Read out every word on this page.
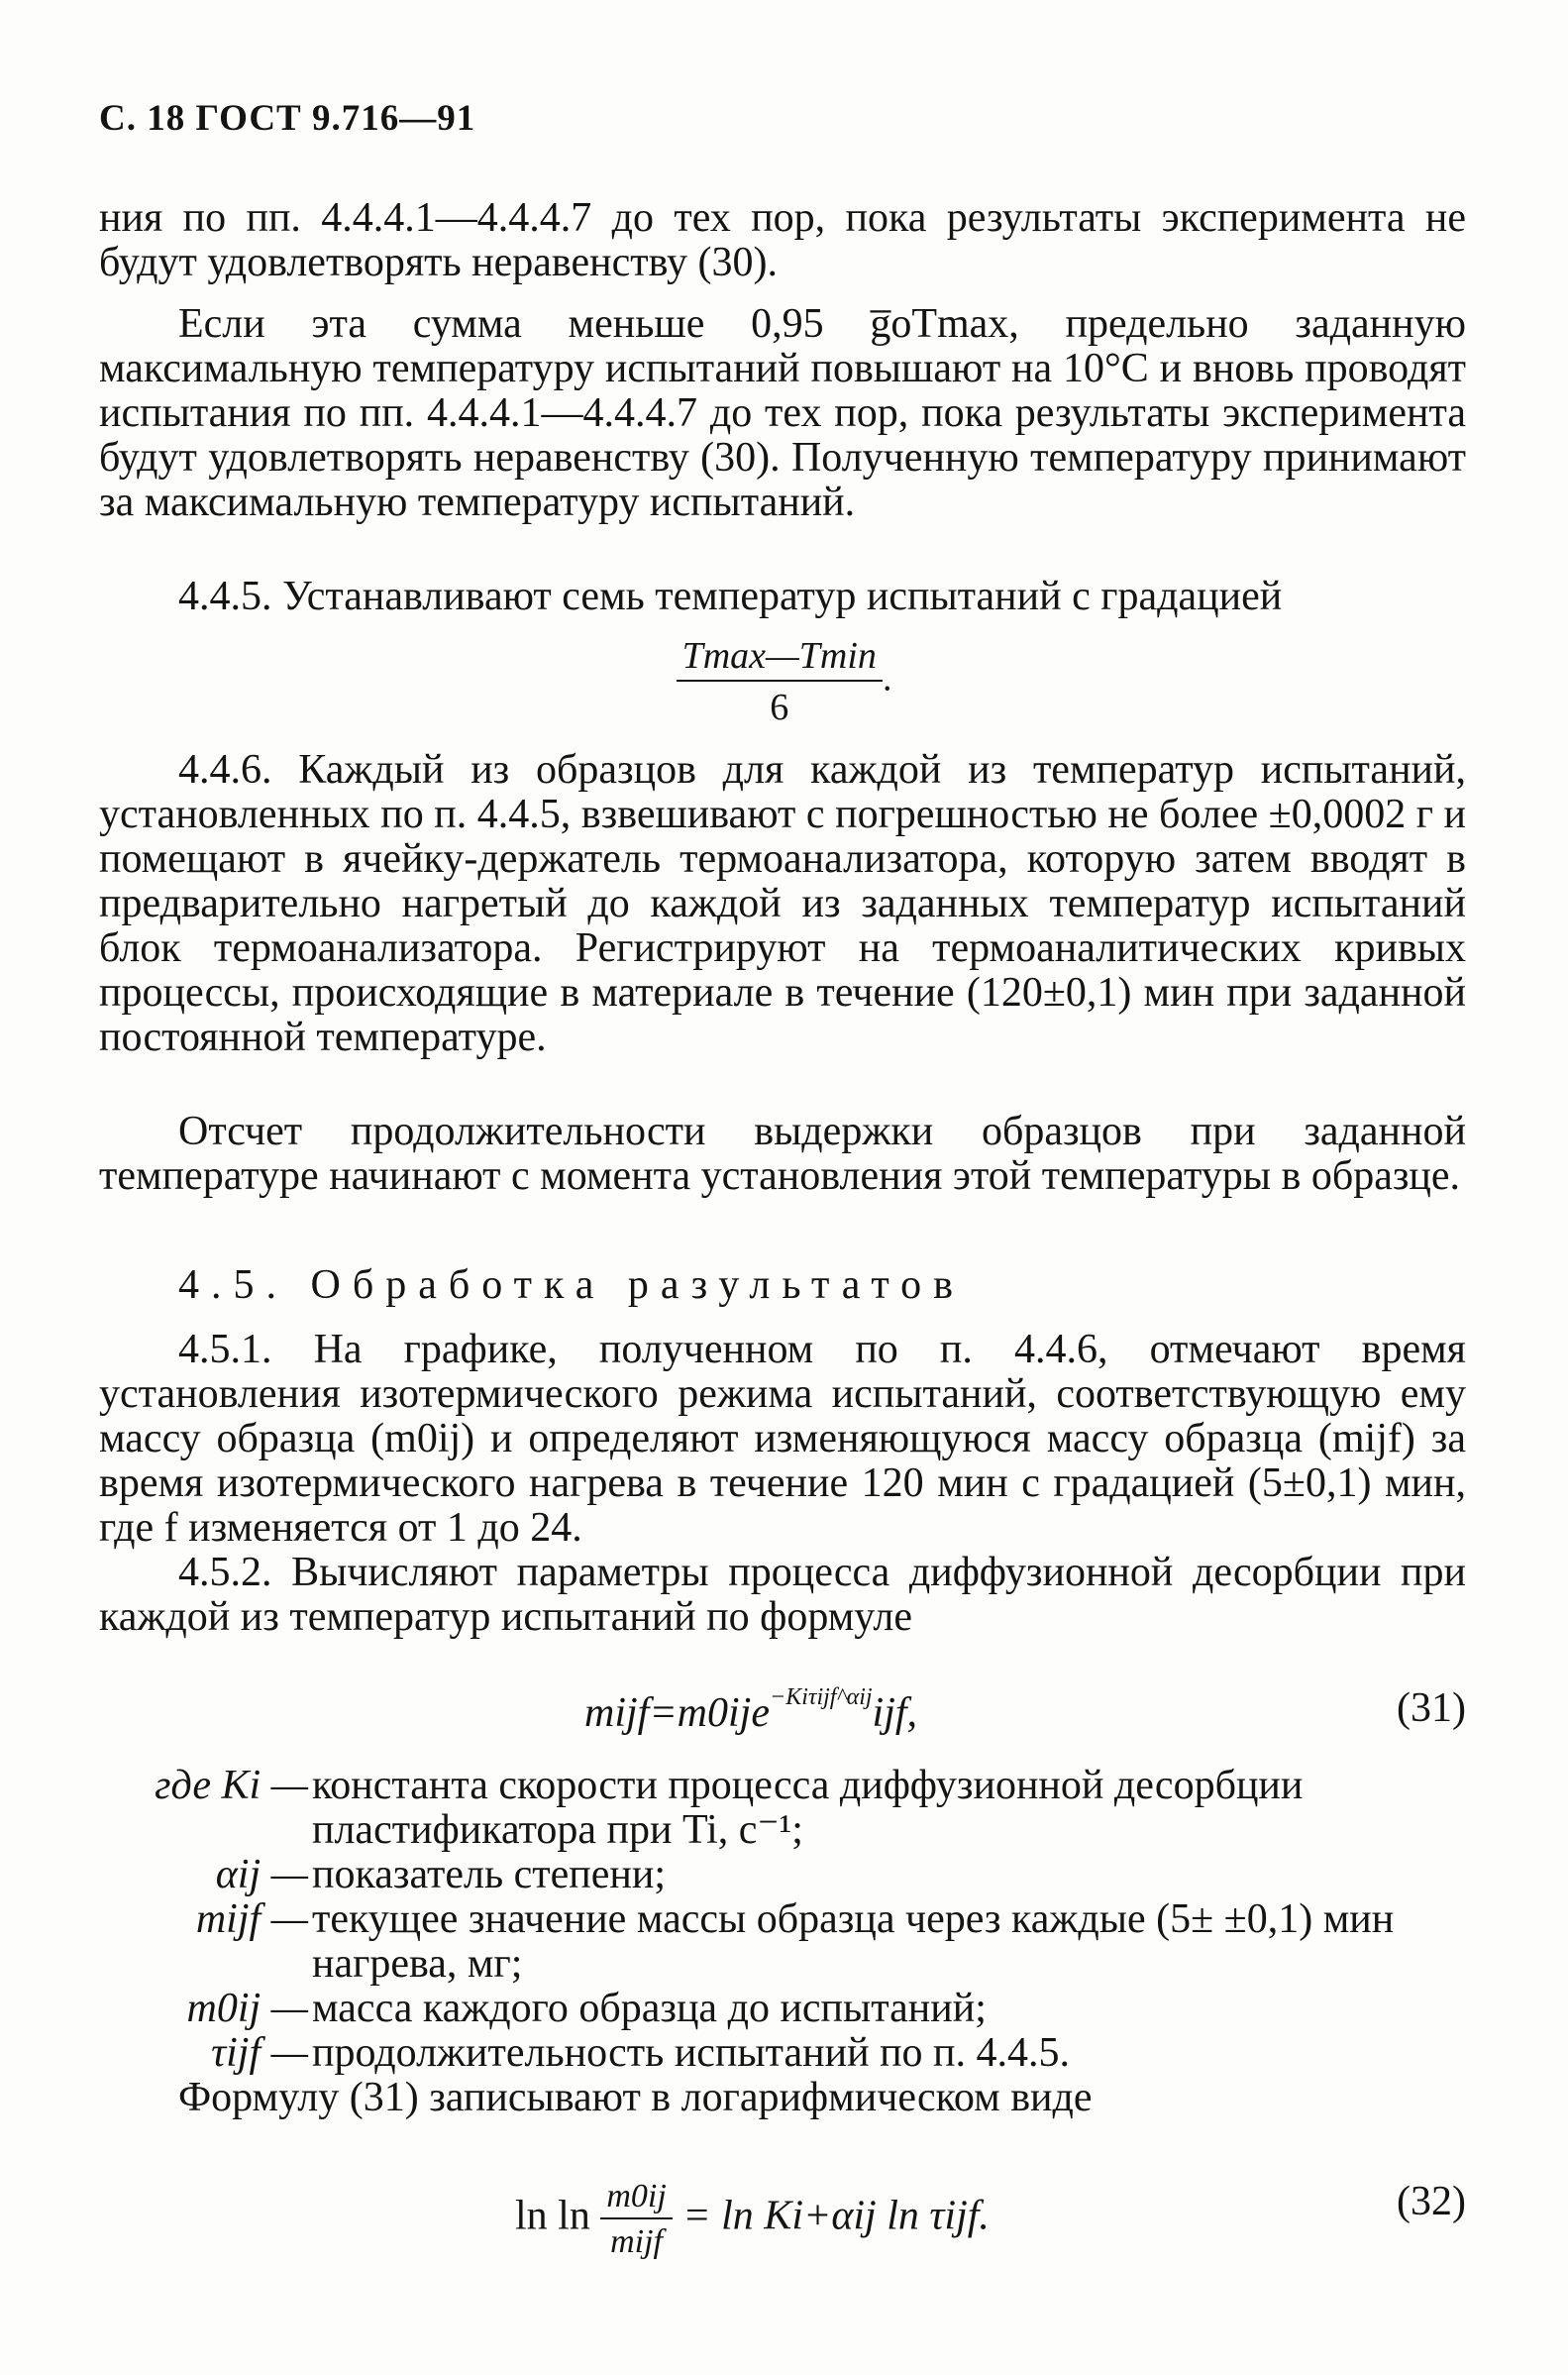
С. 18 ГОСТ 9.716—91
ния по пп. 4.4.4.1—4.4.4.7 до тех пор, пока результаты эксперимента не будут удовлетворять неравенству (30).
Если эта сумма меньше 0,95 g̅oTmax, предельно заданную максимальную температуру испытаний повышают на 10°С и вновь проводят испытания по пп. 4.4.4.1—4.4.4.7 до тех пор, пока результаты эксперимента будут удовлетворять неравенству (30). Полученную температуру принимают за максимальную температуру испытаний.
4.4.5. Устанавливают семь температур испытаний с градацией
$\frac{Tmax—Tmin}{6}$ .
4.4.6. Каждый из образцов для каждой из температур испытаний, установленных по п. 4.4.5, взвешивают с погрешностью не более ±0,0002 г и помещают в ячейку-держатель термоанализатора, которую затем вводят в предварительно нагретый до каждой из заданных температур испытаний блок термоанализатора. Регистрируют на термоаналитических кривых процессы, происходящие в материале в течение (120±0,1) мин при заданной постоянной температуре.
Отсчет продолжительности выдержки образцов при заданной температуре начинают с момента установления этой температуры в образце.
4.5. Обработка разультатов
4.5.1. На графике, полученном по п. 4.4.6, отмечают время установления изотермического режима испытаний, соответствующую ему массу образца (m0ij) и определяют изменяющуюся массу образца (mijf) за время изотермического нагрева в течение 120 мин с градацией (5±0,1) мин, где f изменяется от 1 до 24.
4.5.2. Вычисляют параметры процесса диффузионной десорбции при каждой из температур испытаний по формуле
mijf=m0ije$^{-Ki\tau ijf\^{}\alpha ij}$ijf,	(31)
где Ki — константа скорости процесса диффузионной десорбции пластификатора при Ti, с⁻¹;
αij — показатель степени;
mijf — текущее значение массы образца через каждые (5± ±0,1) мин нагрева, мг;
m0ij — масса каждого образца до испытаний;
τijf — продолжительность испытаний по п. 4.4.5.
Формулу (31) записывают в логарифмическом виде
$\ln \ln \frac{m0ij}{\text{mijf}} = \ln Ki+\alpha ij$ ln τijf.	(32)
